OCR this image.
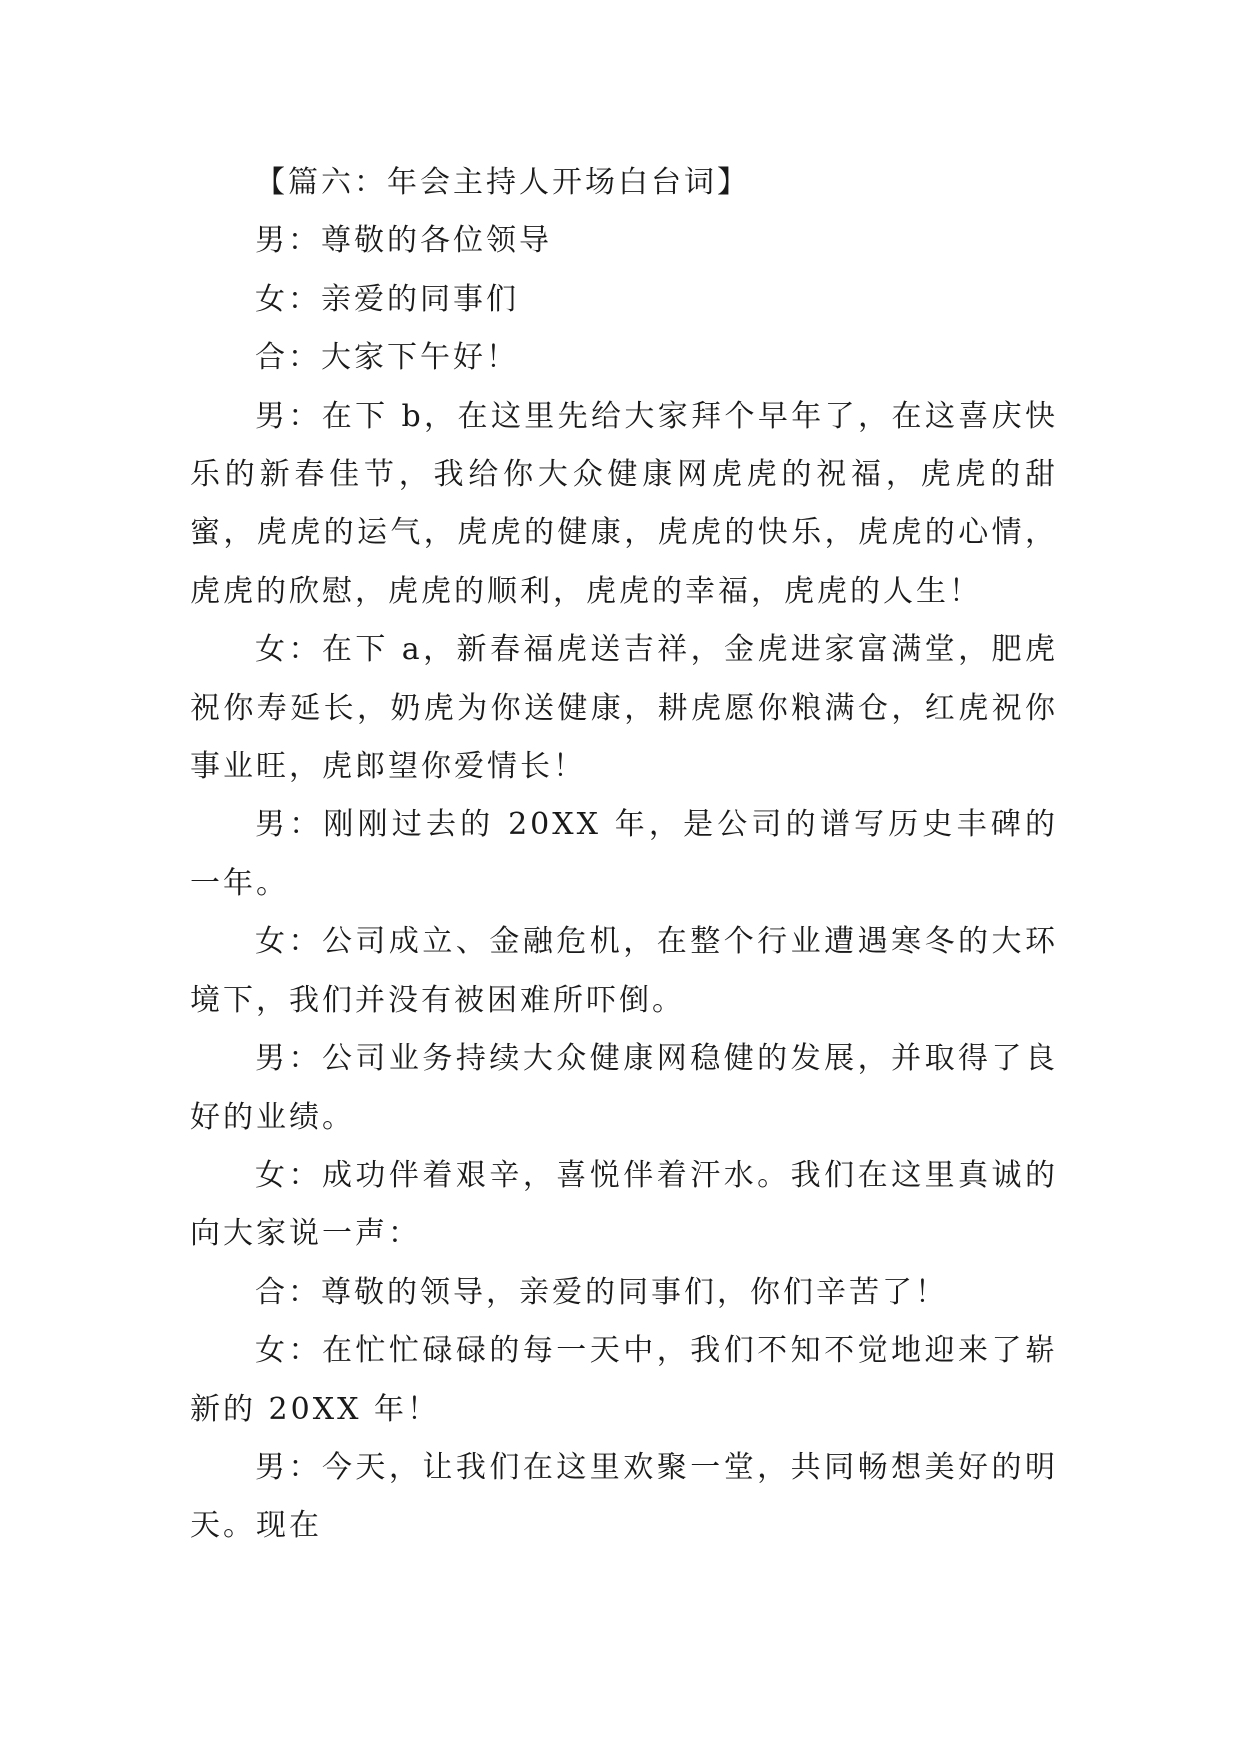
【篇六：年会主持人开场白台词】

男：尊敬的各位领导

女：亲爱的同事们

合：大家下午好！

男：在下 b，在这里先给大家拜个早年了，在这喜庆快乐的新春佳节，我给你大众健康网虎虎的祝福，虎虎的甜蜜，虎虎的运气，虎虎的健康，虎虎的快乐，虎虎的心情，虎虎的欣慰，虎虎的顺利，虎虎的幸福，虎虎的人生！

女：在下 a，新春福虎送吉祥，金虎进家富满堂，肥虎祝你寿延长，奶虎为你送健康，耕虎愿你粮满仓，红虎祝你事业旺，虎郎望你爱情长！

男：刚刚过去的 20XX 年，是公司的谱写历史丰碑的一年。

女：公司成立、金融危机，在整个行业遭遇寒冬的大环境下，我们并没有被困难所吓倒。

男：公司业务持续大众健康网稳健的发展，并取得了良好的业绩。

女：成功伴着艰辛，喜悦伴着汗水。我们在这里真诚的向大家说一声：

合：尊敬的领导，亲爱的同事们，你们辛苦了！

女：在忙忙碌碌的每一天中，我们不知不觉地迎来了崭新的 20XX 年！

男：今天，让我们在这里欢聚一堂，共同畅想美好的明天。现在
